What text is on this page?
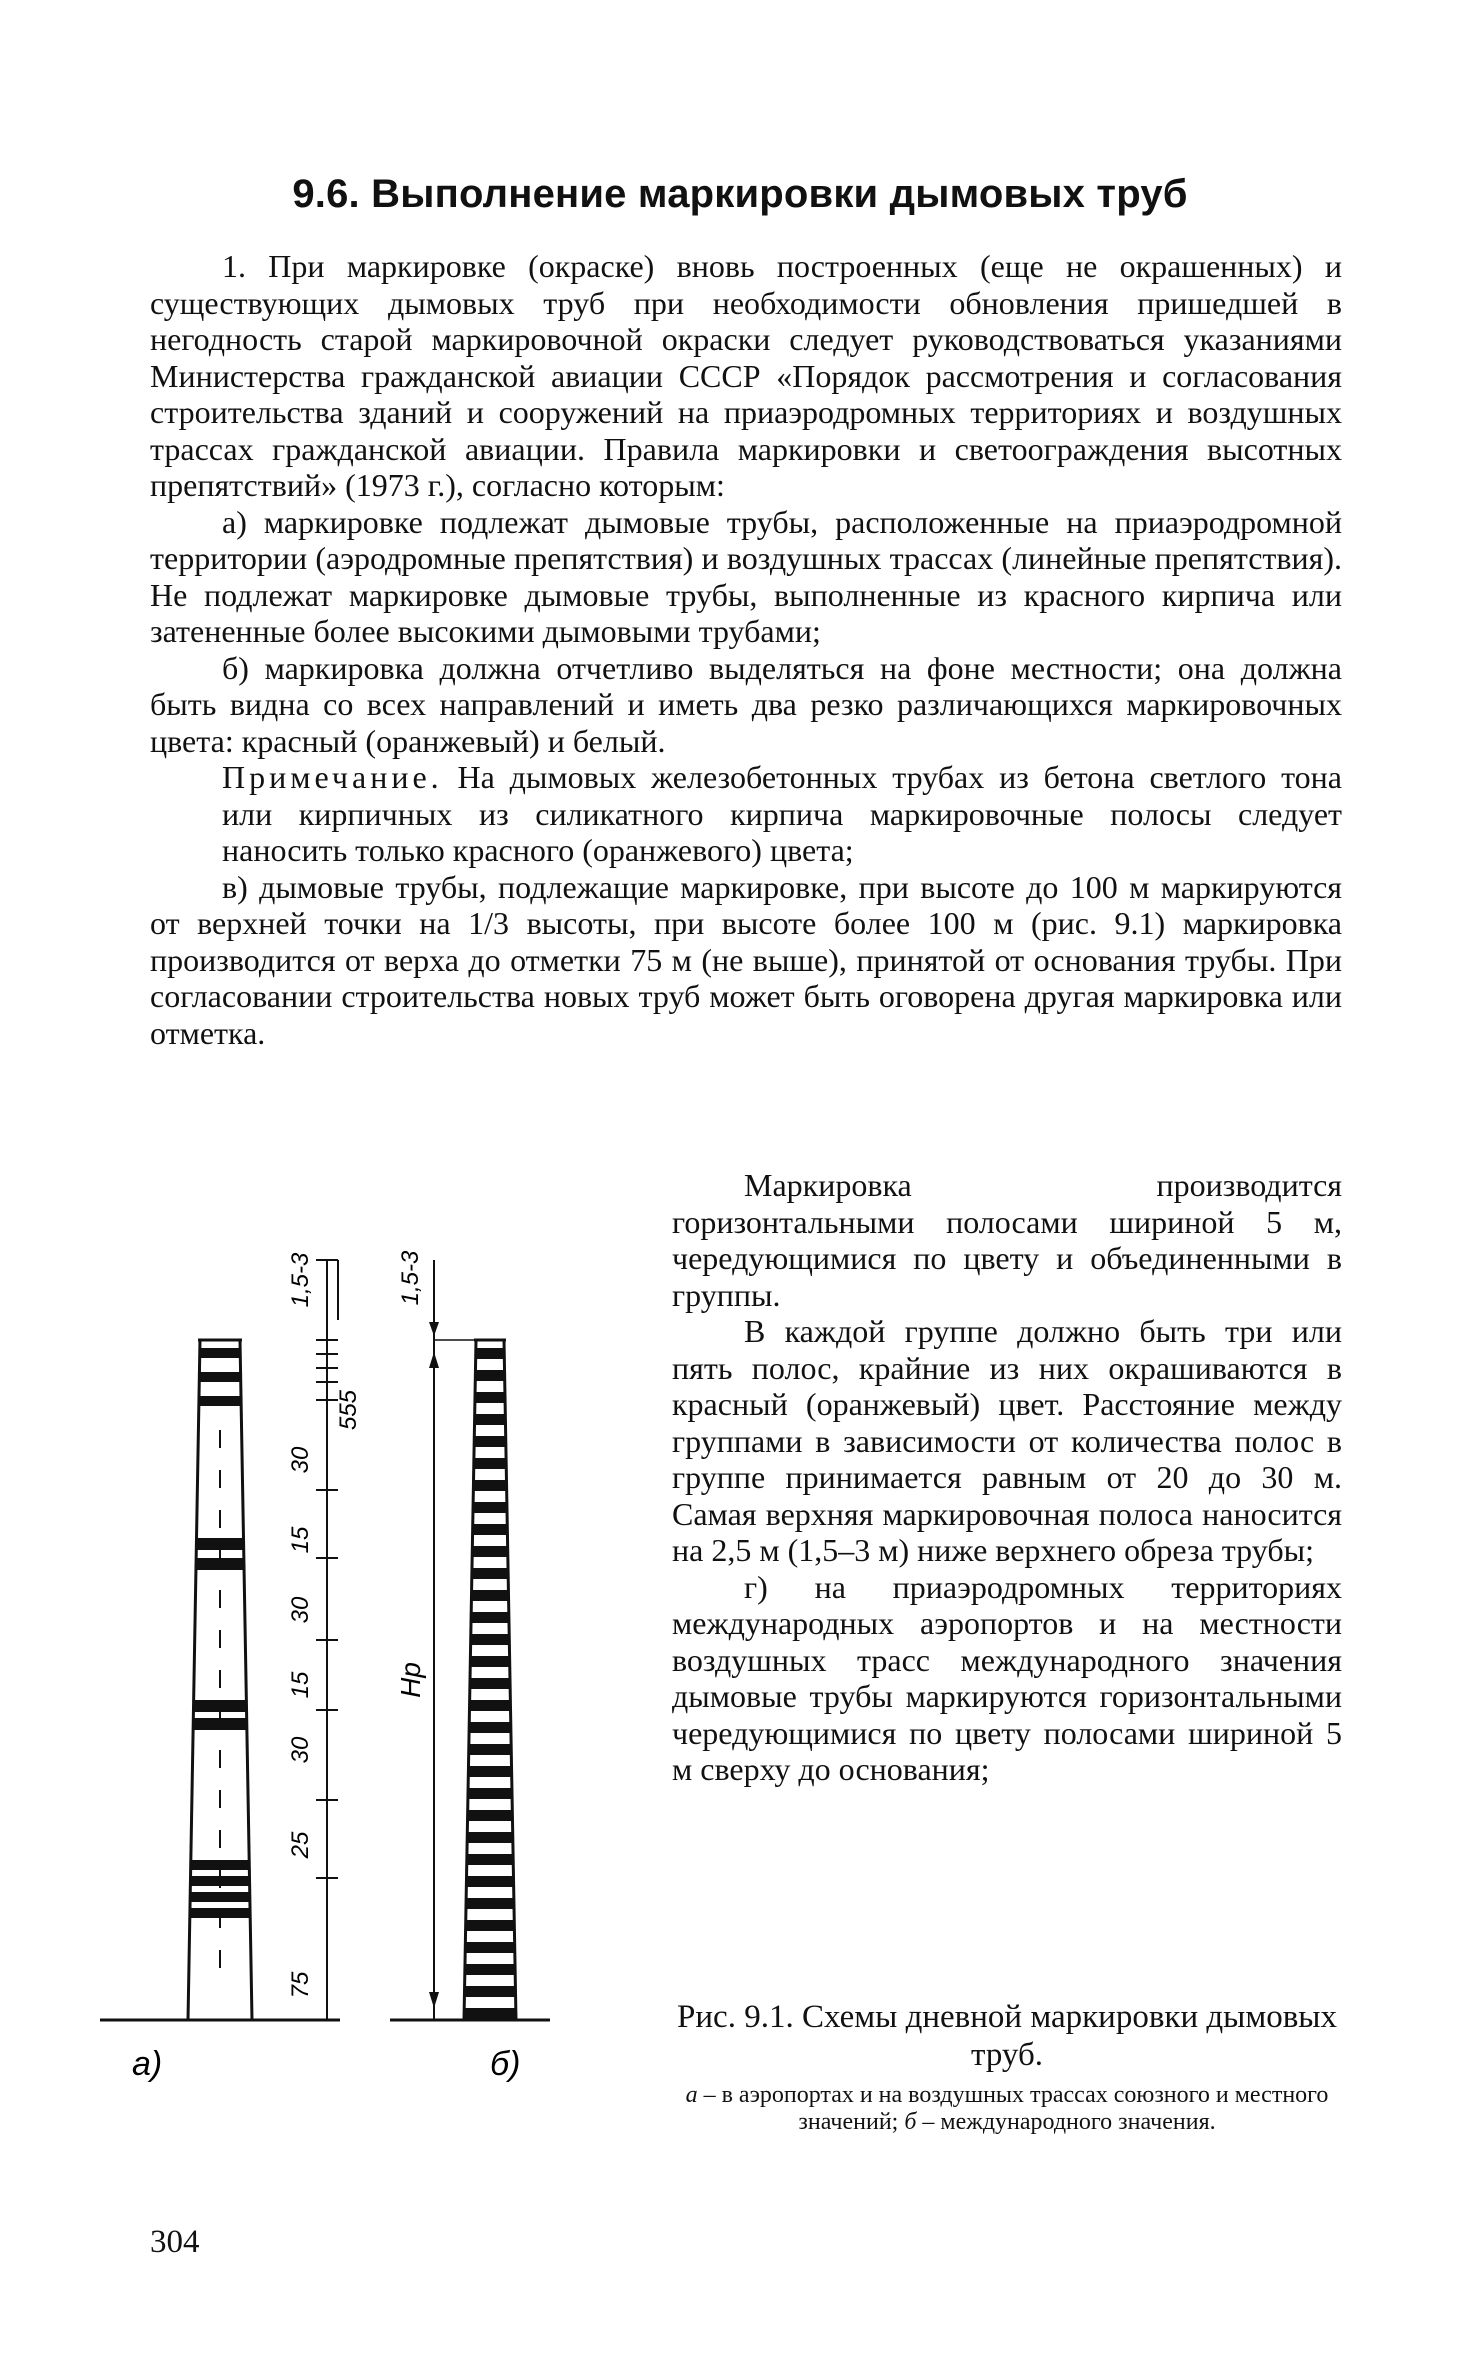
9.6. Выполнение маркировки дымовых труб

1. При маркировке (окраске) вновь построенных (еще не окрашенных) и существующих дымовых труб при необходимости обновления пришедшей в негодность старой маркировочной окраски следует руководствоваться указаниями Министерства гражданской авиации СССР «Порядок рассмотрения и согласования строительства зданий и сооружений на приаэродромных территориях и воздушных трассах гражданской авиации. Правила маркировки и светоограждения высотных препятствий» (1973 г.), согласно которым:

а) маркировке подлежат дымовые трубы, расположенные на приаэродромной территории (аэродромные препятствия) и воздушных трассах (линейные препятствия). Не подлежат маркировке дымовые трубы, выполненные из красного кирпича или затененные более высокими дымовыми трубами;

б) маркировка должна отчетливо выделяться на фоне местности; она должна быть видна со всех направлений и иметь два резко различающихся маркировочных цвета: красный (оранжевый) и белый.

Примечание. На дымовых железобетонных трубах из бетона светлого тона или кирпичных из силикатного кирпича маркировочные полосы следует наносить только красного (оранжевого) цвета;

в) дымовые трубы, подлежащие маркировке, при высоте до 100 м маркируются от верхней точки на 1/3 высоты, при высоте более 100 м (рис. 9.1) маркировка производится от верха до отметки 75 м (не выше), принятой от основания трубы. При согласовании строительства новых труб может быть оговорена другая маркировка или отметка.

Маркировка производится горизонтальными полосами шириной 5 м, чередующимися по цвету и объединенными в группы.

В каждой группе должно быть три или пять полос, крайние из них окрашиваются в красный (оранжевый) цвет. Расстояние между группами в зависимости от количества полос в группе принимается равным от 20 до 30 м. Самая верхняя маркировочная полоса наносится на 2,5 м (1,5–3 м) ниже верхнего обреза трубы;

г) на приаэродромных территориях международных аэропортов и на местности воздушных трасс международного значения дымовые трубы маркируются горизонтальными чередующимися по цвету полосами шириной 5 м сверху до основания;

1,5-3
555
30
15
30
15
30
25
75
1,5-3
Hp
а)	б)
Рис. 9.1. Схемы дневной маркировки дымовых труб.
а – в аэропортах и на воздушных трассах союзного и местного значений; б – международного значения.
304
